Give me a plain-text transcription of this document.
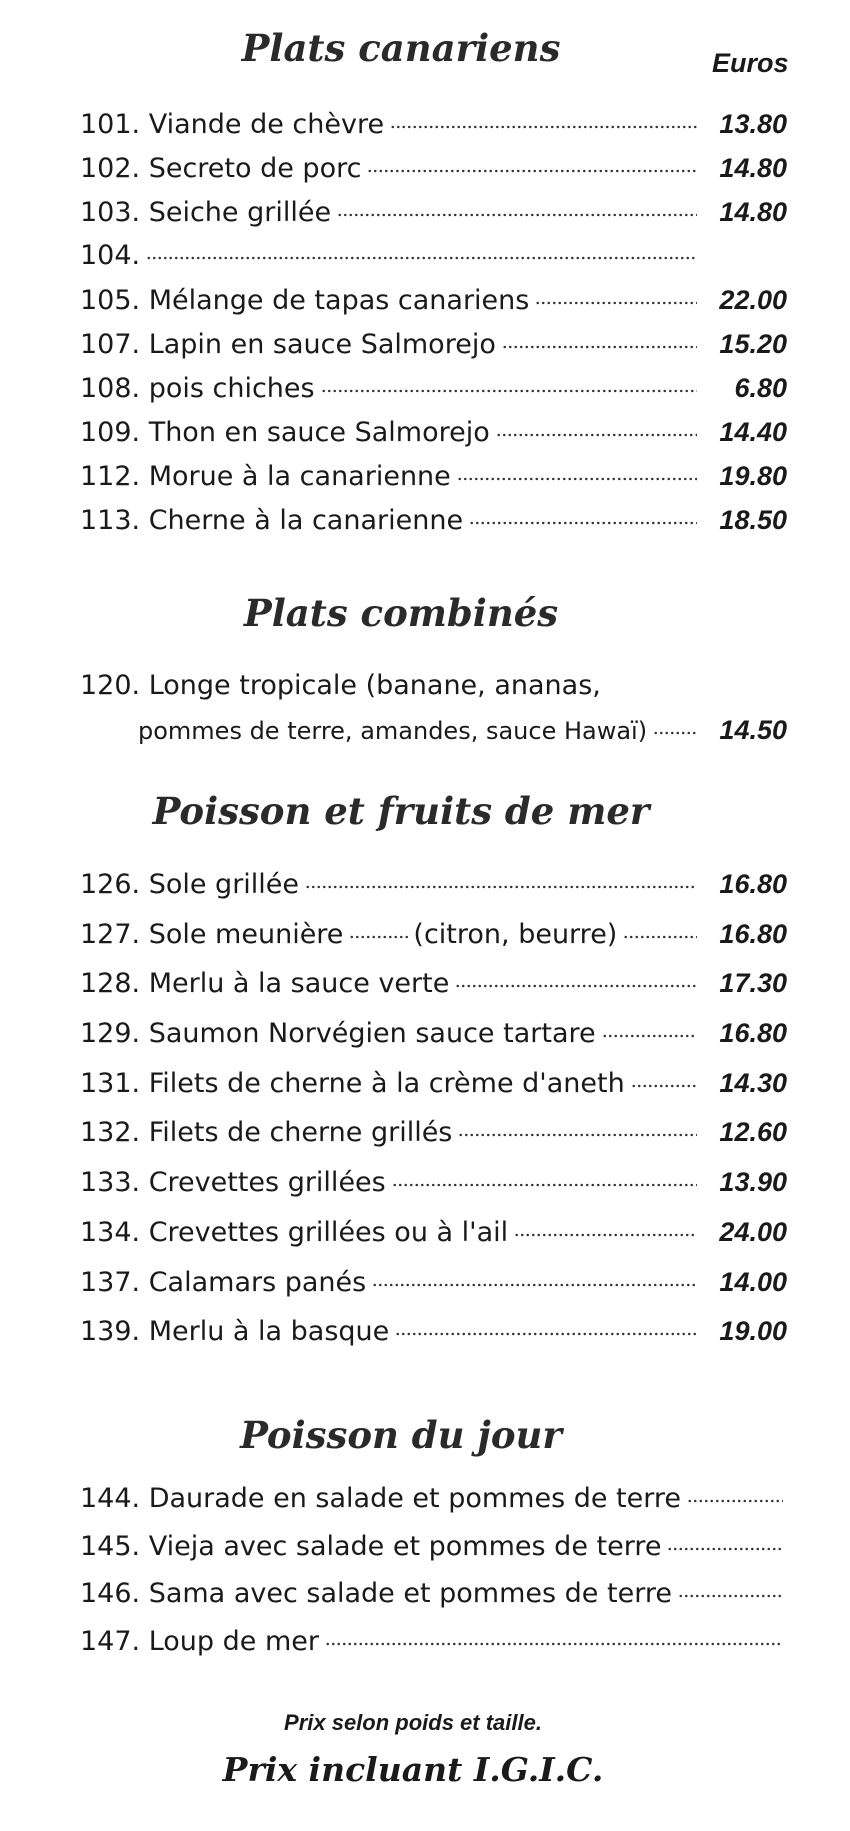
Plats canariens	Euros
101. Viande de chèvre	13.80
102. Secreto de porc	14.80
103. Seiche grillée	14.80
104.
105. Mélange de tapas canariens	22.00
107. Lapin en sauce Salmorejo	15.20
108. pois chiches	6.80
109. Thon en sauce Salmorejo	14.40
112. Morue à la canarienne	19.80
113. Cherne à la canarienne	18.50
Plats combinés
120. Longe tropicale (banane, ananas,
pommes de terre, amandes, sauce Hawaï)	14.50
Poisson et fruits de mer
126. Sole grillée	16.80
127. Sole meunière	(citron, beurre)	16.80
128. Merlu à la sauce verte	17.30
129. Saumon Norvégien sauce tartare	16.80
131. Filets de cherne à la crème d'aneth	14.30
132. Filets de cherne grillés	12.60
133. Crevettes grillées	13.90
134. Crevettes grillées ou à l'ail	24.00
137. Calamars panés	14.00
139. Merlu à la basque	19.00
Poisson du jour
144. Daurade en salade et pommes de terre
145. Vieja avec salade et pommes de terre
146. Sama avec salade et pommes de terre
147. Loup de mer
Prix selon poids et taille.
Prix incluant I.G.I.C.
